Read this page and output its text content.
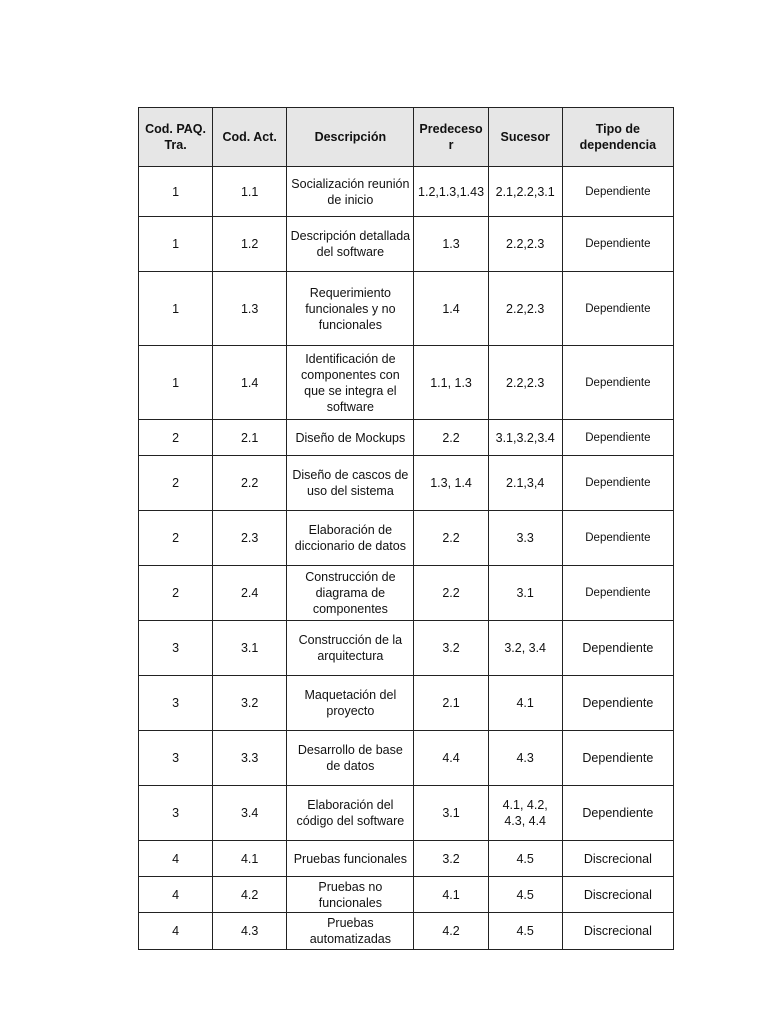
Cod. PAQ. Tra.	Cod. Act.	Descripción	Predeceso r	Sucesor	Tipo de dependencia
1	1.1	Socialización reunión de inicio	1.2,1.3,1.43	2.1,2.2,3.1	Dependiente
1	1.2	Descripción detallada del software	1.3	2.2,2.3	Dependiente
1	1.3	Requerimiento funcionales y no funcionales	1.4	2.2,2.3	Dependiente
1	1.4	Identificación de componentes con que se integra el software	1.1, 1.3	2.2,2.3	Dependiente
2	2.1	Diseño de Mockups	2.2	3.1,3.2,3.4	Dependiente
2	2.2	Diseño de cascos de uso del sistema	1.3, 1.4	2.1,3,4	Dependiente
2	2.3	Elaboración de diccionario de datos	2.2	3.3	Dependiente
2	2.4	Construcción de diagrama de componentes	2.2	3.1	Dependiente
3	3.1	Construcción de la arquitectura	3.2	3.2, 3.4	Dependiente
3	3.2	Maquetación del proyecto	2.1	4.1	Dependiente
3	3.3	Desarrollo de base de datos	4.4	4.3	Dependiente
3	3.4	Elaboración del código del software	3.1	4.1, 4.2, 4.3, 4.4	Dependiente
4	4.1	Pruebas funcionales	3.2	4.5	Discrecional
4	4.2	Pruebas no funcionales	4.1	4.5	Discrecional
4	4.3	Pruebas automatizadas	4.2	4.5	Discrecional
